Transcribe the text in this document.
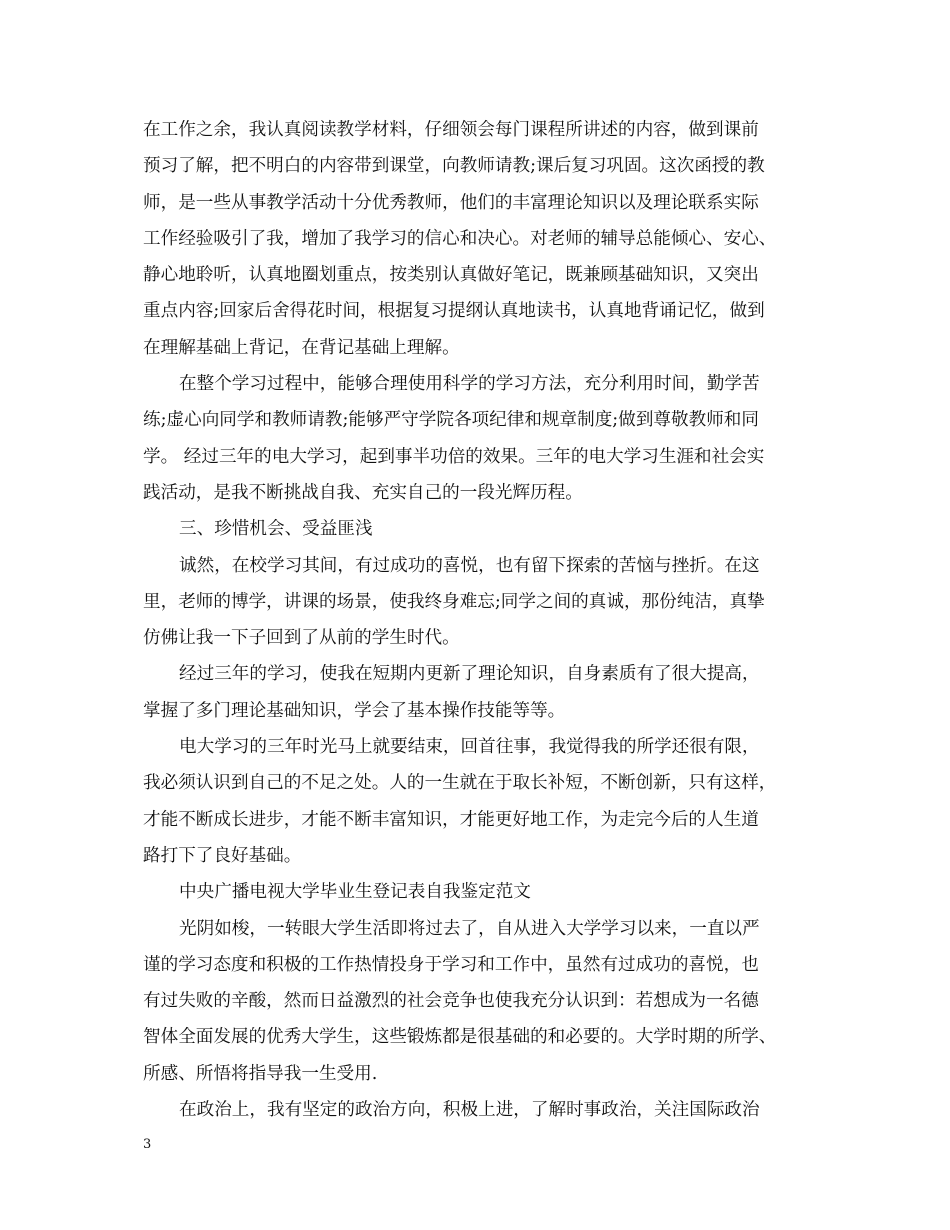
在工作之余，我认真阅读教学材料，仔细领会每门课程所讲述的内容，做到课前
预习了解，把不明白的内容带到课堂，向教师请教;课后复习巩固。这次函授的教
师，是一些从事教学活动十分优秀教师，他们的丰富理论知识以及理论联系实际
工作经验吸引了我，增加了我学习的信心和决心。对老师的辅导总能倾心、安心、
静心地聆听，认真地圈划重点，按类别认真做好笔记，既兼顾基础知识，又突出
重点内容;回家后舍得花时间，根据复习提纲认真地读书，认真地背诵记忆，做到
在理解基础上背记，在背记基础上理解。
在整个学习过程中，能够合理使用科学的学习方法，充分利用时间，勤学苦
练;虚心向同学和教师请教;能够严守学院各项纪律和规章制度;做到尊敬教师和同
学。 经过三年的电大学习，起到事半功倍的效果。三年的电大学习生涯和社会实
践活动，是我不断挑战自我、充实自己的一段光辉历程。
三、珍惜机会、受益匪浅
诚然，在校学习其间，有过成功的喜悦，也有留下探索的苦恼与挫折。在这
里，老师的博学，讲课的场景，使我终身难忘;同学之间的真诚，那份纯洁，真挚
仿佛让我一下子回到了从前的学生时代。
经过三年的学习，使我在短期内更新了理论知识，自身素质有了很大提高，
掌握了多门理论基础知识，学会了基本操作技能等等。
电大学习的三年时光马上就要结束，回首往事，我觉得我的所学还很有限，
我必须认识到自己的不足之处。人的一生就在于取长补短，不断创新，只有这样，
才能不断成长进步，才能不断丰富知识，才能更好地工作，为走完今后的人生道
路打下了良好基础。
中央广播电视大学毕业生登记表自我鉴定范文
光阴如梭，一转眼大学生活即将过去了，自从进入大学学习以来，一直以严
谨的学习态度和积极的工作热情投身于学习和工作中，虽然有过成功的喜悦，也
有过失败的辛酸，然而日益激烈的社会竞争也使我充分认识到：若想成为一名德
智体全面发展的优秀大学生，这些锻炼都是很基础的和必要的。大学时期的所学、
所感、所悟将指导我一生受用.
在政治上，我有坚定的政治方向，积极上进，了解时事政治，关注国际政治
3
